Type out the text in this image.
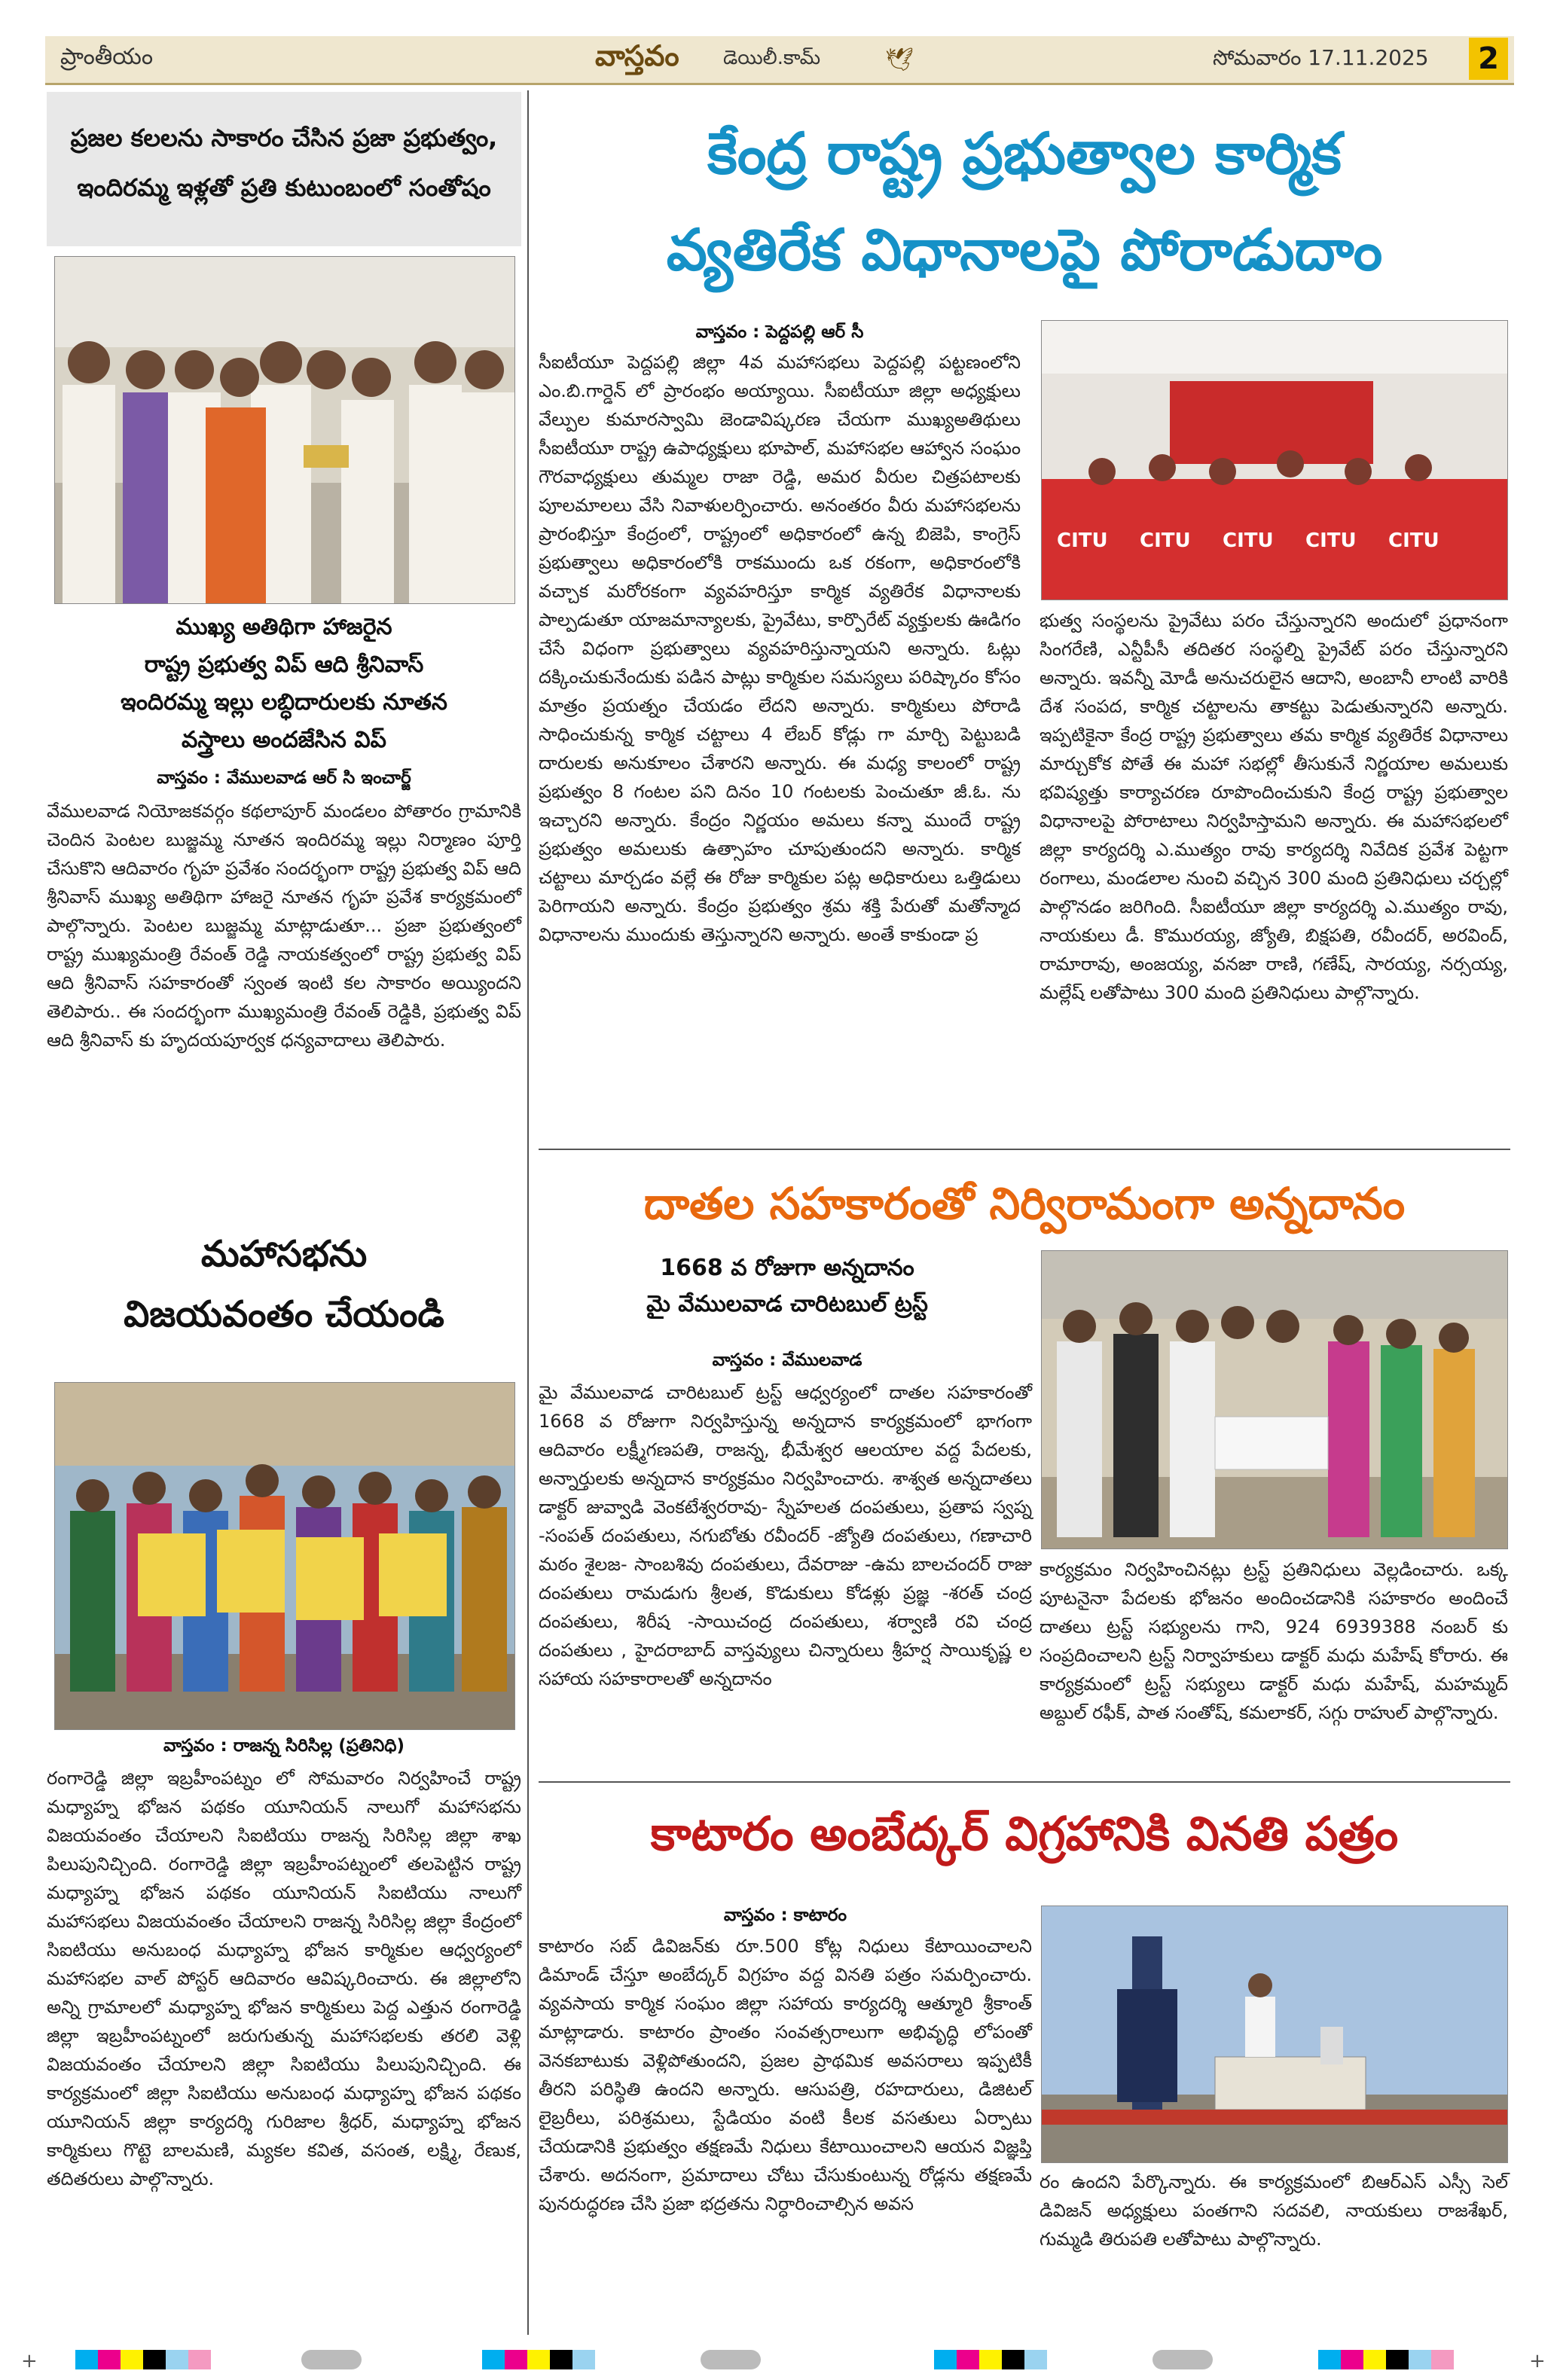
ప్రాంతీయం	వాస్తవం డెయిలీ.కామ్	🕊	సోమవారం 17.11.2025	2
ప్రజల కలలను సాకారం చేసిన ప్రజా ప్రభుత్వం,
ఇందిరమ్మ ఇళ్లతో ప్రతి కుటుంబంలో సంతోషం
ముఖ్య అతిథిగా హాజరైన
రాష్ట్ర ప్రభుత్వ విప్ ఆది శ్రీనివాస్
ఇందిరమ్మ ఇల్లు లబ్ధిదారులకు నూతన
వస్త్రాలు అందజేసిన విప్
వాస్తవం : వేములవాడ ఆర్ సి ఇంచార్జ్
వేములవాడ నియోజకవర్గం కథలాపూర్ మండలం పోతారం గ్రామానికి చెందిన పెంటల బుజ్జమ్మ నూతన ఇందిరమ్మ ఇల్లు నిర్మాణం పూర్తి చేసుకొని ఆదివారం గృహ ప్రవేశం సందర్భంగా రాష్ట్ర ప్రభుత్వ విప్ ఆది శ్రీనివాస్ ముఖ్య అతిథిగా హాజరై నూతన గృహ ప్రవేశ కార్యక్రమంలో పాల్గొన్నారు. పెంటల బుజ్జమ్మ మాట్లాడుతూ... ప్రజా ప్రభుత్వంలో రాష్ట్ర ముఖ్యమంత్రి రేవంత్ రెడ్డి నాయకత్వంలో రాష్ట్ర ప్రభుత్వ విప్ ఆది శ్రీనివాస్ సహకారంతో స్వంత ఇంటి కల సాకారం అయ్యిందని తెలిపారు.. ఈ సందర్భంగా ముఖ్యమంత్రి రేవంత్ రెడ్డికి, ప్రభుత్వ విప్ ఆది శ్రీనివాస్ కు హృదయపూర్వక ధన్యవాదాలు తెలిపారు.
మహాసభను
విజయవంతం చేయండి
వాస్తవం : రాజన్న సిరిసిల్ల (ప్రతినిధి)
రంగారెడ్డి జిల్లా ఇబ్రహీంపట్నం లో సోమవారం నిర్వహించే రాష్ట్ర మధ్యాహ్న భోజన పథకం యూనియన్ నాలుగో మహాసభను విజయవంతం చేయాలని సిఐటియు రాజన్న సిరిసిల్ల జిల్లా శాఖ పిలుపునిచ్చింది. రంగారెడ్డి జిల్లా ఇబ్రహీంపట్నంలో తలపెట్టిన రాష్ట్ర మధ్యాహ్న భోజన పథకం యూనియన్ సిఐటియు నాలుగో మహాసభలు విజయవంతం చేయాలని రాజన్న సిరిసిల్ల జిల్లా కేంద్రంలో సిఐటియు అనుబంధ మధ్యాహ్న భోజన కార్మికుల ఆధ్వర్యంలో మహాసభల వాల్ పోస్టర్ ఆదివారం ఆవిష్కరించారు. ఈ జిల్లాలోని అన్ని గ్రామాలలో మధ్యాహ్న భోజన కార్మికులు పెద్ద ఎత్తున రంగారెడ్డి జిల్లా ఇబ్రహీంపట్నంలో జరుగుతున్న మహాసభలకు తరలి వెళ్లి విజయవంతం చేయాలని జిల్లా సిఐటియు పిలుపునిచ్చింది. ఈ కార్యక్రమంలో జిల్లా సిఐటియు అనుబంధ మధ్యాహ్న భోజన పథకం యూనియన్ జిల్లా కార్యదర్శి గురిజాల శ్రీధర్, మధ్యాహ్న భోజన కార్మికులు గొట్టె బాలమణి, మ్యకల కవిత, వసంత, లక్ష్మి, రేణుక, తదితరులు పాల్గొన్నారు.
కేంద్ర రాష్ట్ర ప్రభుత్వాల కార్మిక
వ్యతిరేక విధానాలపై పోరాడుదాం
వాస్తవం : పెద్దపల్లి ఆర్ సీ
సీఐటీయూ పెద్దపల్లి జిల్లా 4వ మహాసభలు పెద్దపల్లి పట్టణంలోని ఎం.బి.గార్డెన్ లో ప్రారంభం అయ్యాయి. సీఐటీయూ జిల్లా అధ్యక్షులు వేల్పుల కుమారస్వామి జెండావిష్కరణ చేయగా ముఖ్యఅతిథులు సీఐటీయూ రాష్ట్ర ఉపాధ్యక్షులు భూపాల్, మహాసభల ఆహ్వాన సంఘం గౌరవాధ్యక్షులు తుమ్మల రాజా రెడ్డి, అమర వీరుల చిత్రపటాలకు పూలమాలలు వేసి నివాళులర్పించారు. అనంతరం వీరు మహాసభలను ప్రారంభిస్తూ కేంద్రంలో, రాష్ట్రంలో అధికారంలో ఉన్న బిజెపి, కాంగ్రెస్ ప్రభుత్వాలు అధికారంలోకి రాకముందు ఒక రకంగా, అధికారంలోకి వచ్చాక మరోరకంగా వ్యవహరిస్తూ కార్మిక వ్యతిరేక విధానాలకు పాల్పడుతూ యాజమాన్యాలకు, ప్రైవేటు, కార్పొరేట్ వ్యక్తులకు ఊడిగం చేసే విధంగా ప్రభుత్వాలు వ్యవహరిస్తున్నాయని అన్నారు. ఓట్లు దక్కించుకునేందుకు పడిన పాట్లు కార్మికుల సమస్యలు పరిష్కారం కోసం మాత్రం ప్రయత్నం చేయడం లేదని అన్నారు. కార్మికులు పోరాడి సాధించుకున్న కార్మిక చట్టాలు 4 లేబర్ కోడ్లు గా మార్చి పెట్టుబడి దారులకు అనుకూలం చేశారని అన్నారు. ఈ మధ్య కాలంలో రాష్ట్ర ప్రభుత్వం 8 గంటల పని దినం 10 గంటలకు పెంచుతూ జీ.ఓ. ను ఇచ్చారని అన్నారు. కేంద్రం నిర్ణయం అమలు కన్నా ముందే రాష్ట్ర ప్రభుత్వం అమలుకు ఉత్సాహం చూపుతుందని అన్నారు. కార్మిక చట్టాలు మార్చడం వల్లే ఈ రోజు కార్మికుల పట్ల అధికారులు ఒత్తిడులు పెరిగాయని అన్నారు. కేంద్రం ప్రభుత్వం శ్రమ శక్తి పేరుతో మతోన్మాద విధానాలను ముందుకు తెస్తున్నారని అన్నారు. అంతే కాకుండా ప్ర
CITU CITU CITU CITU CITU
భుత్వ సంస్థలను ప్రైవేటు పరం చేస్తున్నారని అందులో ప్రధానంగా సింగరేణి, ఎన్టీపీసీ తదితర సంస్థల్ని ప్రైవేట్ పరం చేస్తున్నారని అన్నారు. ఇవన్నీ మోడీ అనుచరులైన ఆదాని, అంబానీ లాంటి వారికి దేశ సంపద, కార్మిక చట్టాలను తాకట్టు పెడుతున్నారని అన్నారు. ఇప్పటికైనా కేంద్ర రాష్ట్ర ప్రభుత్వాలు తమ కార్మిక వ్యతిరేక విధానాలు మార్చుకోక పోతే ఈ మహా సభల్లో తీసుకునే నిర్ణయాల అమలుకు భవిష్యత్తు కార్యాచరణ రూపొందించుకుని కేంద్ర రాష్ట్ర ప్రభుత్వాల విధానాలపై పోరాటాలు నిర్వహిస్తామని అన్నారు. ఈ మహాసభలలో జిల్లా కార్యదర్శి ఎ.ముత్యం రావు కార్యదర్శి నివేదిక ప్రవేశ పెట్టగా రంగాలు, మండలాల నుంచి వచ్చిన 300 మంది ప్రతినిధులు చర్చల్లో పాల్గొనడం జరిగింది. సీఐటీయూ జిల్లా కార్యదర్శి ఎ.ముత్యం రావు, నాయకులు డీ. కొమురయ్య, జ్యోతి, బిక్షపతి, రవీందర్, అరవింద్, రామారావు, అంజయ్య, వనజా రాణి, గణేష్, సారయ్య, నర్సయ్య, మల్లేష్ లతోపాటు 300 మంది ప్రతినిధులు పాల్గొన్నారు.
దాతల సహకారంతో నిర్విరామంగా అన్నదానం
1668 వ రోజుగా అన్నదానం
మై వేములవాడ చారిటబుల్ ట్రస్ట్
వాస్తవం : వేములవాడ
మై వేములవాడ చారిటబుల్ ట్రస్ట్ ఆధ్వర్యంలో దాతల సహకారంతో 1668 వ రోజుగా నిర్వహిస్తున్న అన్నదాన కార్యక్రమంలో భాగంగా ఆదివారం లక్ష్మీగణపతి, రాజన్న, భీమేశ్వర ఆలయాల వద్ద పేదలకు, అన్నార్తులకు అన్నదాన కార్యక్రమం నిర్వహించారు. శాశ్వత అన్నదాతలు డాక్టర్ జువ్వాడి వెంకటేశ్వరరావు- స్నేహలత దంపతులు, ప్రతాప స్వప్న -సంపత్ దంపతులు, నగుబోతు రవీందర్ -జ్యోతి దంపతులు, గణాచారి మఠం శైలజ- సాంబశివు దంపతులు, దేవరాజు -ఉమ బాలచందర్ రాజు దంపతులు రామడుగు శ్రీలత, కొడుకులు కోడళ్లు ప్రజ్ఞ -శరత్ చంద్ర దంపతులు, శిరీష -సాయిచంద్ర దంపతులు, శర్వాణి రవి చంద్ర దంపతులు , హైదరాబాద్ వాస్తవ్యులు చిన్నారులు శ్రీహర్ష సాయికృష్ణ ల సహాయ సహకారాలతో అన్నదానం
కార్యక్రమం నిర్వహించినట్లు ట్రస్ట్ ప్రతినిధులు వెల్లడించారు. ఒక్క పూటనైనా పేదలకు భోజనం అందించడానికి సహకారం అందించే దాతలు ట్రస్ట్ సభ్యులను గాని, 924 6939388 నంబర్ కు సంప్రదించాలని ట్రస్ట్ నిర్వాహకులు డాక్టర్ మధు మహేష్ కోరారు. ఈ కార్యక్రమంలో ట్రస్ట్ సభ్యులు డాక్టర్ మధు మహేష్, మహమ్మద్ అబ్దుల్ రఫీక్, పాత సంతోష్, కమలాకర్, సగ్గు రాహుల్ పాల్గొన్నారు.
కాటారం అంబేద్కర్ విగ్రహానికి వినతి పత్రం
వాస్తవం : కాటారం
కాటారం సబ్ డివిజన్‌కు రూ.500 కోట్ల నిధులు కేటాయించాలని డిమాండ్ చేస్తూ అంబేద్కర్ విగ్రహం వద్ద వినతి పత్రం సమర్పించారు. వ్యవసాయ కార్మిక సంఘం జిల్లా సహాయ కార్యదర్శి ఆత్మూరి శ్రీకాంత్ మాట్లాడారు. కాటారం ప్రాంతం సంవత్సరాలుగా అభివృద్ధి లోపంతో వెనకబాటుకు వెళ్లిపోతుందని, ప్రజల ప్రాథమిక అవసరాలు ఇప్పటికీ తీరని పరిస్థితి ఉందని అన్నారు. ఆసుపత్రి, రహదారులు, డిజిటల్ లైబ్రరీలు, పరిశ్రమలు, స్టేడియం వంటి కీలక వసతులు ఏర్పాటు చేయడానికి ప్రభుత్వం తక్షణమే నిధులు కేటాయించాలని ఆయన విజ్ఞప్తి చేశారు. అదనంగా, ప్రమాదాలు చోటు చేసుకుంటున్న రోడ్లను తక్షణమే పునరుద్ధరణ చేసి ప్రజా భద్రతను నిర్ధారించాల్సిన అవస
రం ఉందని పేర్కొన్నారు. ఈ కార్యక్రమంలో బిఆర్ఎస్ ఎస్సీ సెల్ డివిజన్ అధ్యక్షులు పంతగాని సదవలి, నాయకులు రాజశేఖర్, గుమ్మడి తిరుపతి లతోపాటు పాల్గొన్నారు.
+	+
